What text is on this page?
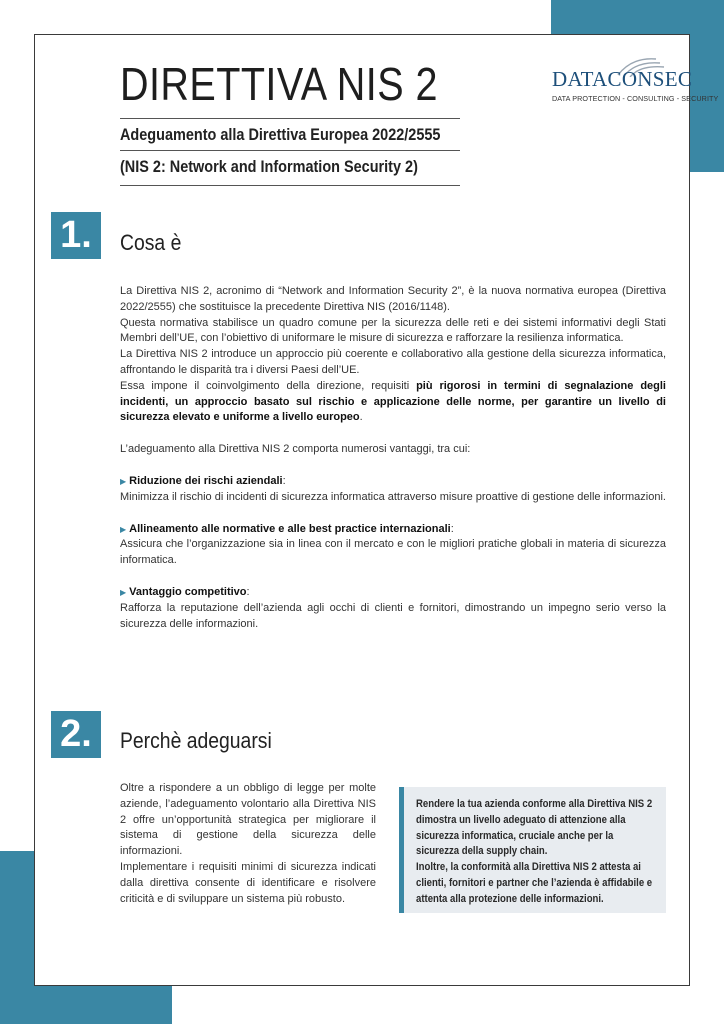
DIRETTIVA NIS 2
Adeguamento alla Direttiva Europea 2022/2555
(NIS 2: Network and Information Security 2)
DATACONSEC
DATA PROTECTION - CONSULTING - SECURITY
1.	Cosa è

La Direttiva NIS 2, acronimo di “Network and Information Security 2”, è la nuova normativa europea (Direttiva 2022/2555) che sostituisce la precedente Direttiva NIS (2016/1148).

Questa normativa stabilisce un quadro comune per la sicurezza delle reti e dei sistemi informativi degli Stati Membri dell’UE, con l’obiettivo di uniformare le misure di sicurezza e rafforzare la resilienza informatica.

La Direttiva NIS 2 introduce un approccio più coerente e collaborativo alla gestione della sicurezza informatica, affrontando le disparità tra i diversi Paesi dell’UE.

Essa impone il coinvolgimento della direzione, requisiti più rigorosi in termini di segnalazione degli incidenti, un approccio basato sul rischio e applicazione delle norme, per garantire un livello di sicurezza elevato e uniforme a livello europeo.

L’adeguamento alla Direttiva NIS 2 comporta numerosi vantaggi, tra cui:

▶ Riduzione dei rischi aziendali:

Minimizza il rischio di incidenti di sicurezza informatica attraverso misure proattive di gestione delle informazioni.

▶ Allineamento alle normative e alle best practice internazionali:

Assicura che l’organizzazione sia in linea con il mercato e con le migliori pratiche globali in materia di sicurezza informatica.

▶ Vantaggio competitivo:

Rafforza la reputazione dell’azienda agli occhi di clienti e fornitori, dimostrando un impegno serio verso la sicurezza delle informazioni.

2.	Perchè adeguarsi

Oltre a rispondere a un obbligo di legge per molte aziende, l’adeguamento volontario alla Direttiva NIS 2 offre un’opportunità strategica per migliorare il sistema di gestione della sicurezza delle informazioni.

Implementare i requisiti minimi di sicurezza indicati dalla direttiva consente di identificare e risolvere criticità e di sviluppare un sistema più robusto.

Rendere la tua azienda conforme alla Direttiva NIS 2 dimostra un livello adeguato di attenzione alla sicurezza informatica, cruciale anche per la sicurezza della supply chain.

Inoltre, la conformità alla Direttiva NIS 2 attesta ai clienti, fornitori e partner che l’azienda è affidabile e attenta alla protezione delle informazioni.
